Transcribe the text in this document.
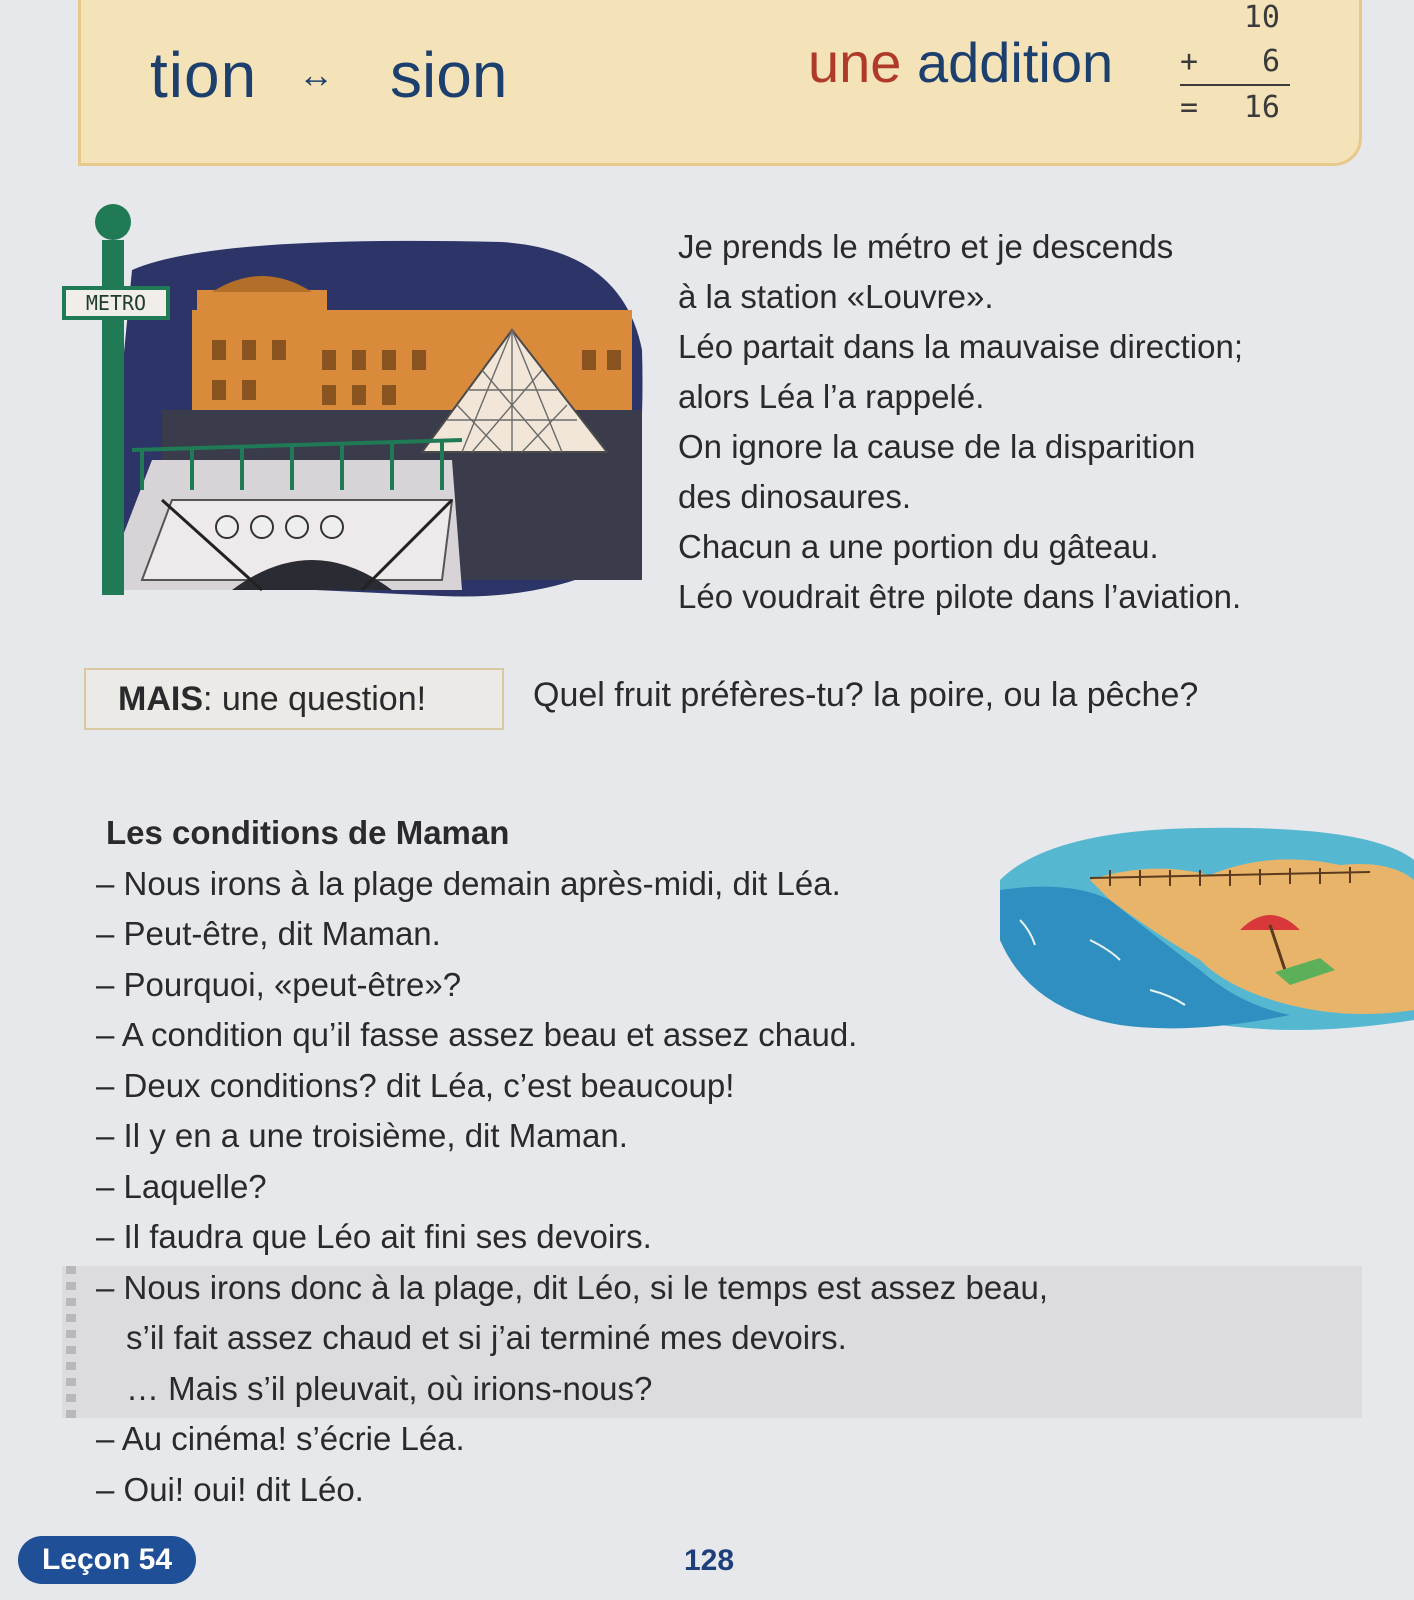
tion ↔ sion	une addition
10
+ 6
= 16
METRO
Je prends le métro et je descends
à la station «Louvre».
Léo partait dans la mauvaise direction;
alors Léa l’a rappelé.
On ignore la cause de la disparition
des dinosaures.
Chacun a une portion du gâteau.
Léo voudrait être pilote dans l’aviation.
MAIS: une question!	Quel fruit préfères-tu? la poire, ou la pêche?
Les conditions de Maman
– Nous irons à la plage demain après-midi, dit Léa.
– Peut-être, dit Maman.
– Pourquoi, «peut-être»?
– A condition qu’il fasse assez beau et assez chaud.
– Deux conditions? dit Léa, c’est beaucoup!
– Il y en a une troisième, dit Maman.
– Laquelle?
– Il faudra que Léo ait fini ses devoirs.
– Nous irons donc à la plage, dit Léo, si le temps est assez beau,
s’il fait assez chaud et si j’ai terminé mes devoirs.
… Mais s’il pleuvait, où irions-nous?
– Au cinéma! s’écrie Léa.
– Oui! oui! dit Léo.
Leçon 54	128
